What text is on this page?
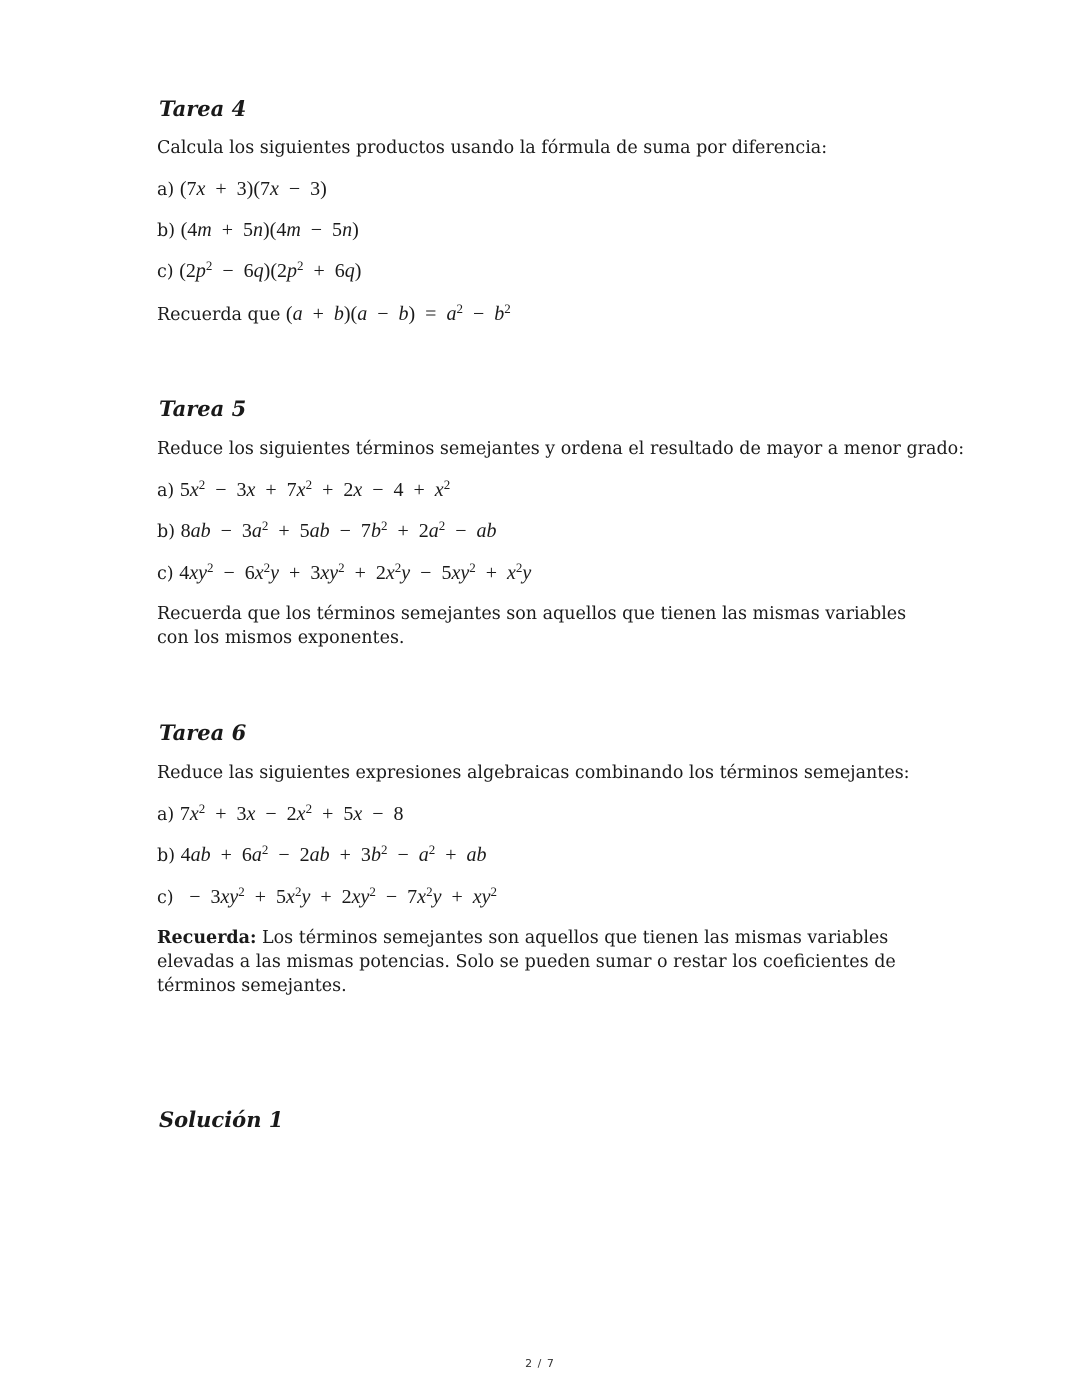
Tarea 4
Calcula los siguientes productos usando la fórmula de suma por diferencia:
a) (7x + 3)(7x − 3)
b) (4m + 5n)(4m − 5n)
c) ($2p^2$ − $6q)(2p^2$ + 6q)
Recuerda que (a + b)(a − b) = $a^2$ − $b^2$
Tarea 5
Reduce los siguientes términos semejantes y ordena el resultado de mayor a menor grado:
a) $5x^2$ − 3x + $7x^2$ + 2x − 4 + $x^2$
b) 8ab − $3a^2$ + 5ab − $7b^2$ + $2a^2$ − ab
c) $4xy^2$ − $6x^2y$ + $3xy^2$ + $2x^2y$ − $5xy^2$ + $x^2y$
Recuerda que los términos semejantes son aquellos que tienen las mismas variables con los mismos exponentes.
Tarea 6
Reduce las siguientes expresiones algebraicas combinando los términos semejantes:
a) $7x^2$ + 3x − $2x^2$ + 5x − 8
b) 4ab + $6a^2$ − 2ab + $3b^2$ − $a^2$ + ab
c)  − $3xy^2$ + $5x^2y$ + $2xy^2$ − $7x^2y$ + $xy^2$
Recuerda: Los términos semejantes son aquellos que tienen las mismas variables elevadas a las mismas potencias. Solo se pueden sumar o restar los coeficientes de términos semejantes.
Solución 1
2 / 7
